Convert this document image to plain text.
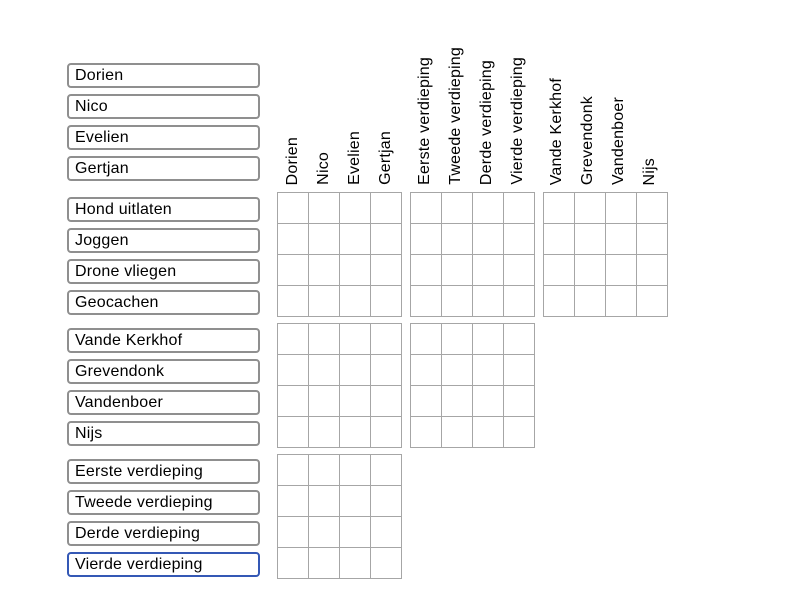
Dorien
Nico
Evelien
Gertjan	Dorien Nico Evelien Gertjan Eerste verdieping Tweede verdieping Derde verdieping Vierde verdieping Vande Kerkhof Grevendonk Vandenboer Nijs
Hond uitlaten
Joggen
Drone vliegen
Geocachen
Vande Kerkhof
Grevendonk
Vandenboer
Nijs
Eerste verdieping
Tweede verdieping
Derde verdieping
Vierde verdieping
